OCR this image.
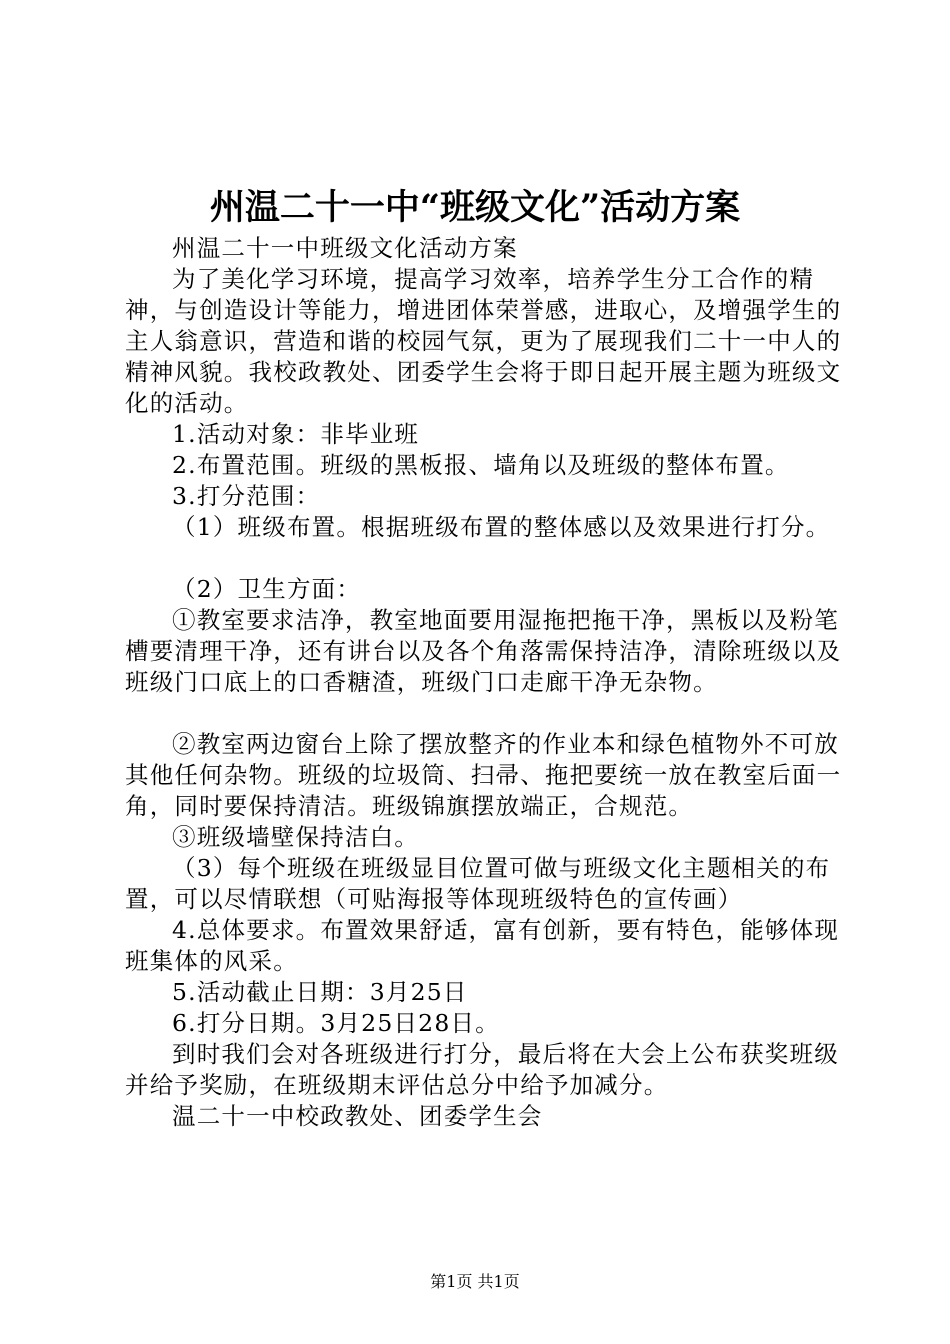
州温二十一中“班级文化”活动方案

州温二十一中班级文化活动方案

为了美化学习环境，提高学习效率，培养学生分工合作的精神，与创造设计等能力，增进团体荣誉感，进取心，及增强学生的主人翁意识，营造和谐的校园气氛，更为了展现我们二十一中人的精神风貌。我校政教处、团委学生会将于即日起开展主题为班级文化的活动。

1.活动对象：非毕业班

2.布置范围。班级的黑板报、墙角以及班级的整体布置。

3.打分范围：

（1）班级布置。根据班级布置的整体感以及效果进行打分。

（2）卫生方面：

①教室要求洁净，教室地面要用湿拖把拖干净，黑板以及粉笔槽要清理干净，还有讲台以及各个角落需保持洁净，清除班级以及班级门口底上的口香糖渣，班级门口走廊干净无杂物。

②教室两边窗台上除了摆放整齐的作业本和绿色植物外不可放其他任何杂物。班级的垃圾筒、扫帚、拖把要统一放在教室后面一角，同时要保持清洁。班级锦旗摆放端正，合规范。

③班级墙壁保持洁白。

（3）每个班级在班级显目位置可做与班级文化主题相关的布置，可以尽情联想（可贴海报等体现班级特色的宣传画）

4.总体要求。布置效果舒适，富有创新，要有特色，能够体现班集体的风采。

5.活动截止日期：3月25日

6.打分日期。3月25日28日。

到时我们会对各班级进行打分，最后将在大会上公布获奖班级并给予奖励，在班级期末评估总分中给予加减分。

温二十一中校政教处、团委学生会

第1页 共1页
